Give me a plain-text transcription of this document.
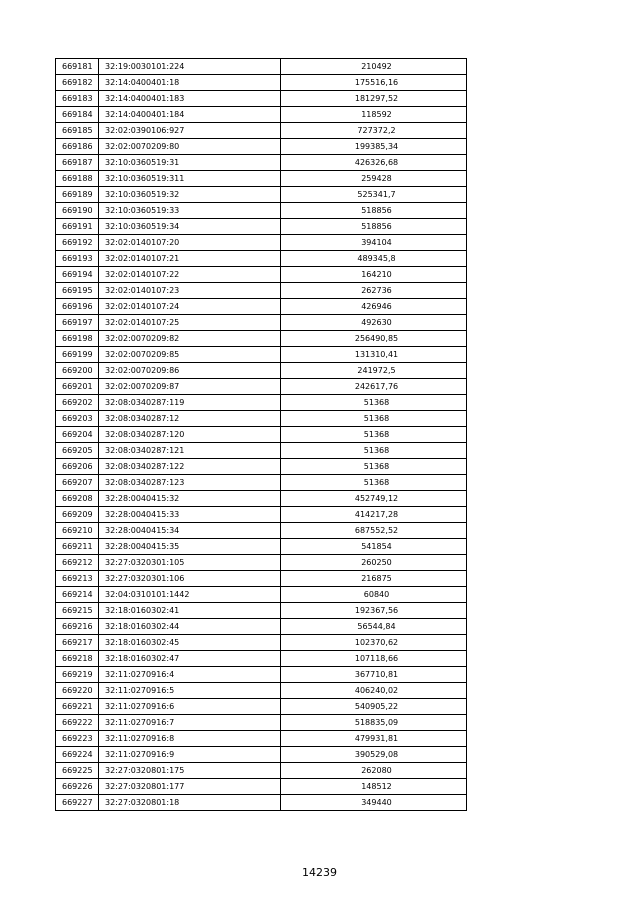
669181	32:19:0030101:224	210492
669182	32:14:0400401:18	175516,16
669183	32:14:0400401:183	181297,52
669184	32:14:0400401:184	118592
669185	32:02:0390106:927	727372,2
669186	32:02:0070209:80	199385,34
669187	32:10:0360519:31	426326,68
669188	32:10:0360519:311	259428
669189	32:10:0360519:32	525341,7
669190	32:10:0360519:33	518856
669191	32:10:0360519:34	518856
669192	32:02:0140107:20	394104
669193	32:02:0140107:21	489345,8
669194	32:02:0140107:22	164210
669195	32:02:0140107:23	262736
669196	32:02:0140107:24	426946
669197	32:02:0140107:25	492630
669198	32:02:0070209:82	256490,85
669199	32:02:0070209:85	131310,41
669200	32:02:0070209:86	241972,5
669201	32:02:0070209:87	242617,76
669202	32:08:0340287:119	51368
669203	32:08:0340287:12	51368
669204	32:08:0340287:120	51368
669205	32:08:0340287:121	51368
669206	32:08:0340287:122	51368
669207	32:08:0340287:123	51368
669208	32:28:0040415:32	452749,12
669209	32:28:0040415:33	414217,28
669210	32:28:0040415:34	687552,52
669211	32:28:0040415:35	541854
669212	32:27:0320301:105	260250
669213	32:27:0320301:106	216875
669214	32:04:0310101:1442	60840
669215	32:18:0160302:41	192367,56
669216	32:18:0160302:44	56544,84
669217	32:18:0160302:45	102370,62
669218	32:18:0160302:47	107118,66
669219	32:11:0270916:4	367710,81
669220	32:11:0270916:5	406240,02
669221	32:11:0270916:6	540905,22
669222	32:11:0270916:7	518835,09
669223	32:11:0270916:8	479931,81
669224	32:11:0270916:9	390529,08
669225	32:27:0320801:175	262080
669226	32:27:0320801:177	148512
669227	32:27:0320801:18	349440
14239
